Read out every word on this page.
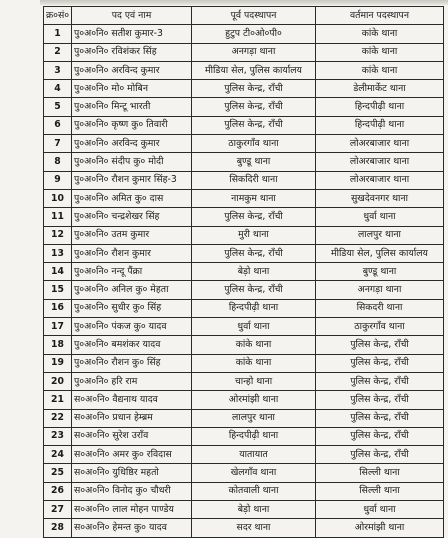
क्र०सं०	पद एवं नाम	पूर्व पदस्थापन	वर्तमान पदस्थापन
1	पु०अ०नि० सतीश कुमार-3	हुटुप टी०ओ०पी०	कांके थाना
2	पु०अ०नि० रविशंकर सिंह	अनगड़ा थाना	कांके थाना
3	पु०अ०नि० अरविन्द कुमार	मीडिया सेल, पुलिस कार्यालय	कांके थाना
4	पु०अ०नि० मो० मोबिन	पुलिस केन्द्र, राँची	डेलीमार्केट थाना
5	पु०अ०नि० मिन्टू भारती	पुलिस केन्द्र, राँची	हिन्दपीढ़ी थाना
6	पु०अ०नि० कृष्ण कु० तिवारी	पुलिस केन्द्र, राँची	हिन्दपीढ़ी थाना
7	पु०अ०नि० अरविन्द कुमार	ठाकुरगाँव थाना	लोअरबाजार थाना
8	पु०अ०नि० संदीप कु० मोदी	बुण्डू थाना	लोअरबाजार थाना
9	पु०अ०नि० रौशन कुमार सिंह-3	सिकदिरी थाना	लोअरबाजार थाना
10	पु०अ०नि० अमित कु० दास	नामकुम थाना	सुखदेवनगर थाना
11	पु०अ०नि० चन्द्रशेखर सिंह	पुलिस केन्द्र, राँची	धुर्वा थाना
12	पु०अ०नि० उतम कुमार	मुरी थाना	लालपुर थाना
13	पु०अ०नि० रौशन कुमार	पुलिस केन्द्र, राँची	मीडिया सेल, पुलिस कार्यालय
14	पु०अ०नि० नन्दू पैंक्रा	बेड़ो थाना	बुण्डू थाना
15	पु०अ०नि० अनिल कु० मेहता	पुलिस केन्द्र, राँची	अनगड़ा थाना
16	पु०अ०नि० सुधीर कु० सिंह	हिन्दपीढ़ी थाना	सिकदरी थाना
17	पु०अ०नि० पंकज कु० यादव	धुर्वा थाना	ठाकुरगाँव थाना
18	पु०अ०नि० बमशंकर यादव	कांके थाना	पुलिस केन्द्र, राँची
19	पु०अ०नि० रौशन कु० सिंह	कांके थाना	पुलिस केन्द्र, राँची
20	पु०अ०नि० हरि राम	चान्हो थाना	पुलिस केन्द्र, राँची
21	स०अ०नि० वैद्यनाथ यादव	ओरमांझी थाना	पुलिस केन्द्र, राँची
22	स०अ०नि० प्रधान हेम्ब्रम	लालपुर थाना	पुलिस केन्द्र, राँची
23	स०अ०नि० सुरेश उराँव	हिन्दपीढ़ी थाना	पुलिस केन्द्र, राँची
24	स०अ०नि० अमर कु० रविदास	यातायात	पुलिस केन्द्र, राँची
25	स०अ०नि० युधिष्ठिर महतो	खेलगाँव थाना	सिल्ली थाना
26	स०अ०नि० विनोद कु० चौधरी	कोतवाली थाना	सिल्ली थाना
27	स०अ०नि० लाल मोहन पाण्डेय	बेड़ो थाना	धुर्वा थाना
28	स०अ०नि० हेमन्त कु० यादव	सदर थाना	ओरमांझी थाना
